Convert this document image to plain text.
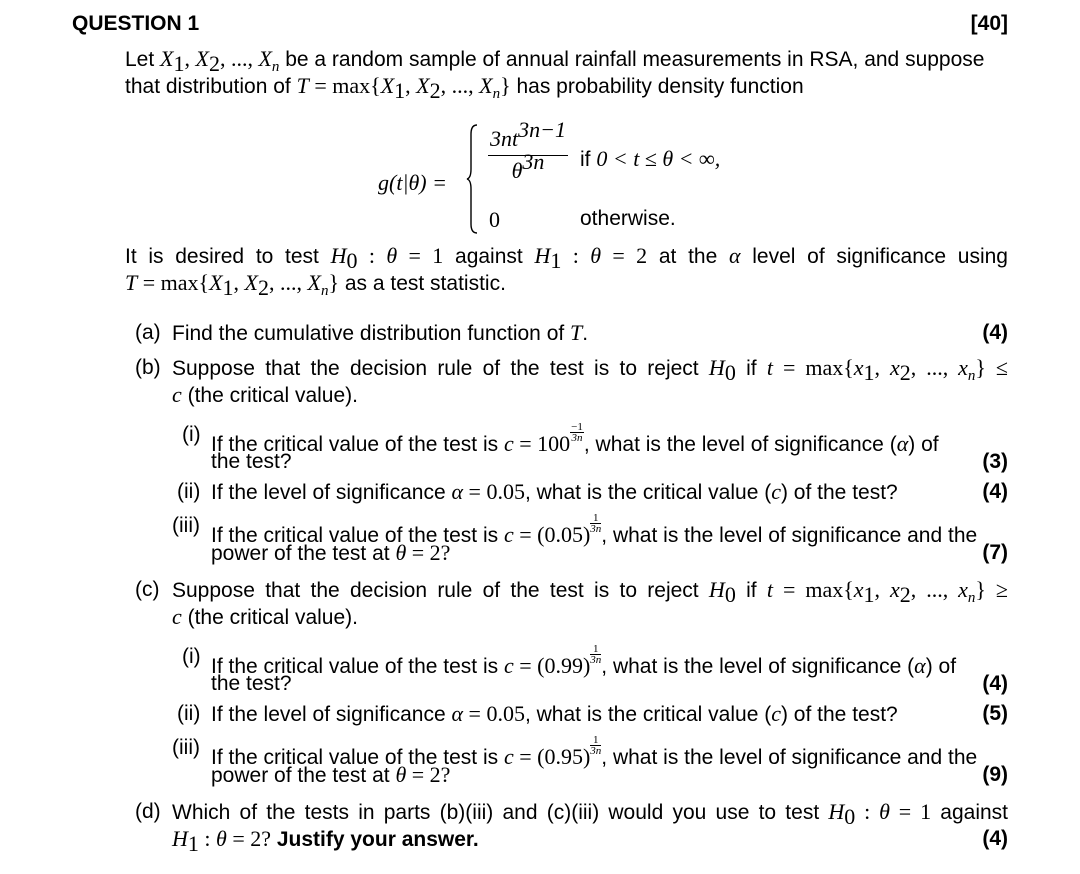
QUESTION 1	[40]
Let $X_1$, $X_2$, ..., $X_n$ be a random sample of annual rainfall measurements in RSA, and suppose
that distribution of $T = \max\{X_1$, $X_2$, ..., $X_n$} has probability density function
g(t|θ) =
$3nt^{3n-1}$
$\theta^{3n}$	if 0 < t ≤ θ < ∞,
0	otherwise.
It is desired to test $H_0$ : θ = 1 against $H_1$ : θ = 2 at the α level of significance using
$T = \max\{X_1$, $X_2$, ..., $X_n$} as a test statistic.
(a) Find the cumulative distribution function of T.	(4)
(b) Suppose that the decision rule of the test is to reject $H_0$ if $t = \max\{x_1$, $x_2$, ..., $x_n$} ≤
c (the critical value).
(i) If the critical value of the test is $c = 100 \frac{-1}{3n}$
, what is the level of significance (α) of
the test?	(3)
(ii) If the level of significance α = 0.05, what is the critical value (c) of the test?	(4)
(iii) If the critical value of the test is $c = (0.05) \frac{1}{3n}$
, what is the level of significance and the
power of the test at θ = 2?	(7)
(c) Suppose that the decision rule of the test is to reject $H_0$ if $t = \max\{x_1$, $x_2$, ..., $x_n$} ≥
c (the critical value).
(i) If the critical value of the test is $c = (0.99) \frac{1}{3n}$
, what is the level of significance (α) of
the test?	(4)
(ii) If the level of significance α = 0.05, what is the critical value (c) of the test?	(5)
(iii) If the critical value of the test is $c = (0.95) \frac{1}{3n}$
, what is the level of significance and the
power of the test at θ = 2?	(9)
(d) Which of the tests in parts (b)(iii) and (c)(iii) would you use to test $H_0$ : θ = 1 against
$H_1$ : θ = 2? Justify your answer.	(4)
